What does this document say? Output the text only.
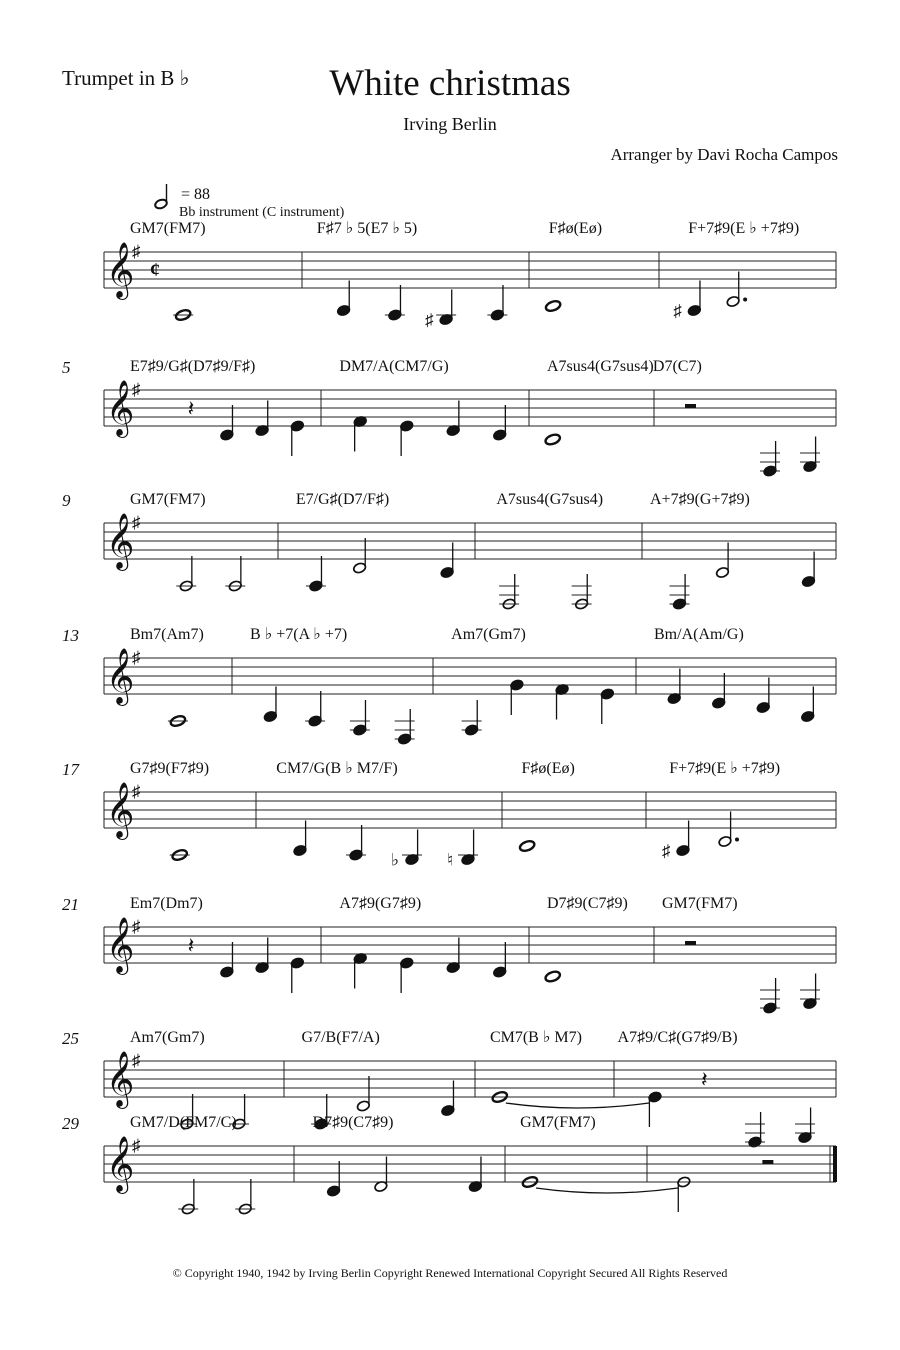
Trumpet in B ♭	White christmas
Irving Berlin
Arranger by Davi Rocha Campos
= 88
Bb instrument (C instrument)
𝄞
♯
¢
GM7(FM7)	F♯7 ♭ 5(E7 ♭ 5)	F♯ø(Eø)	F+7♯9(E ♭ +7♯9)
♯	♯
𝄞
♯
5	E7♯9/G♯(D7♯9/F♯)	DM7/A(CM7/G)	A7sus4(G7sus4) D7(C7)
𝄽
𝄞
♯
9	GM7(FM7)	E7/G♯(D7/F♯)	A7sus4(G7sus4)	A+7♯9(G+7♯9)
𝄞
♯
13	Bm7(Am7)	B ♭ +7(A ♭ +7)	Am7(Gm7)	Bm/A(Am/G)
𝄞
♯
17	G7♯9(F7♯9)	CM7/G(B ♭ M7/F)	F♯ø(Eø)	F+7♯9(E ♭ +7♯9)
♭	♮	♯
𝄞
♯
21	Em7(Dm7)	A7♯9(G7♯9)	D7♯9(C7♯9) GM7(FM7)
𝄽
𝄞
♯
25	Am7(Gm7)	G7/B(F7/A)	CM7(B ♭ M7) A7♯9/C♯(G7♯9/B)
𝄽
𝄞
♯
29	GM7/D(FM7/C)	D7♯9(C7♯9)	GM7(FM7)
© Copyright 1940, 1942 by Irving Berlin Copyright Renewed International Copyright Secured All Rights Reserved
